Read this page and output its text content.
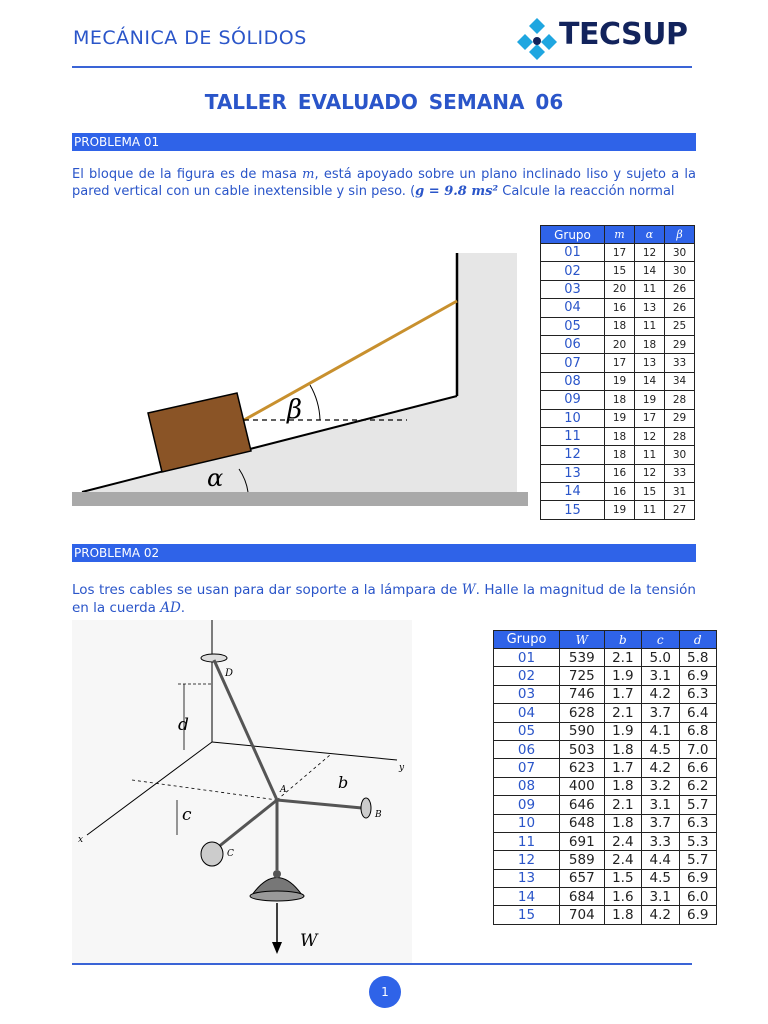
MECÁNICA DE SÓLIDOS	TECSUP
TALLER EVALUADO SEMANA 06
PROBLEMA 01
El bloque de la figura es de masa m, está apoyado sobre un plano inclinado liso y sujeto a la pared vertical con un cable inextensible y sin peso. (g = 9.8 ms² Calcule la reacción normal
β
α
Grupo	m	α	β
01	17	12	30
02	15	14	30
03	20	11	26
04	16	13	26
05	18	11	25
06	20	18	29
07	17	13	33
08	19	14	34
09	18	19	28
10	19	17	29
11	18	12	28
12	18	11	30
13	16	12	33
14	16	15	31
15	19	11	27
PROBLEMA 02
Los tres cables se usan para dar soporte a la lámpara de W. Halle la magnitud de la tensión en la cuerda AD.
y
x
D
d
A	b
B
c
C
W
Grupo	W	b	c	d
01	539	2.1	5.0	5.8
02	725	1.9	3.1	6.9
03	746	1.7	4.2	6.3
04	628	2.1	3.7	6.4
05	590	1.9	4.1	6.8
06	503	1.8	4.5	7.0
07	623	1.7	4.2	6.6
08	400	1.8	3.2	6.2
09	646	2.1	3.1	5.7
10	648	1.8	3.7	6.3
11	691	2.4	3.3	5.3
12	589	2.4	4.4	5.7
13	657	1.5	4.5	6.9
14	684	1.6	3.1	6.0
15	704	1.8	4.2	6.9
1
